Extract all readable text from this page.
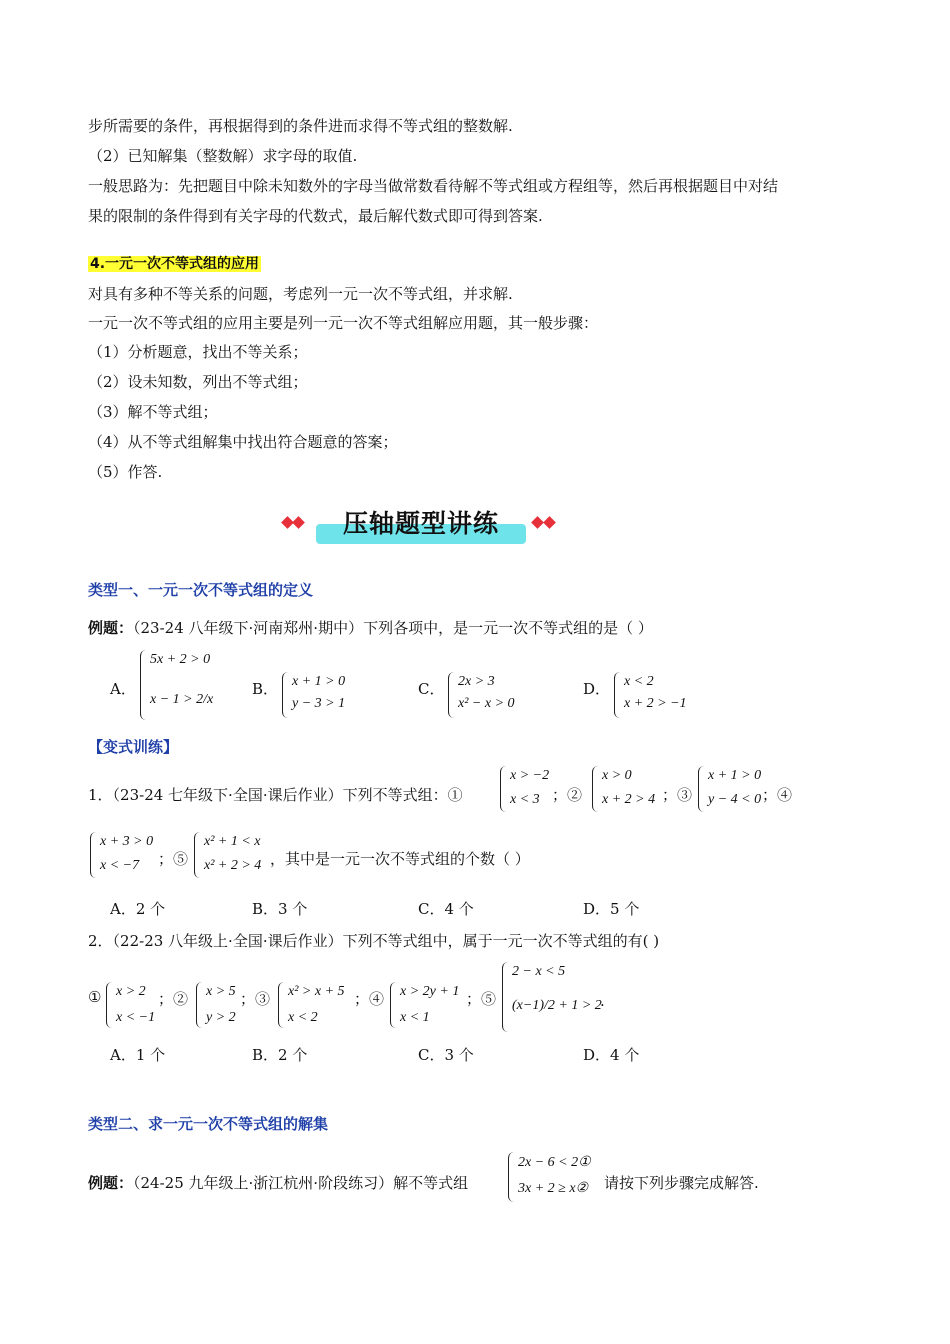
步所需要的条件，再根据得到的条件进而求得不等式组的整数解.
（2）已知解集（整数解）求字母的取值.
一般思路为：先把题目中除未知数外的字母当做常数看待解不等式组或方程组等，然后再根据题目中对结
果的限制的条件得到有关字母的代数式，最后解代数式即可得到答案.
4.一元一次不等式组的应用
对具有多种不等关系的问题，考虑列一元一次不等式组，并求解.
一元一次不等式组的应用主要是列一元一次不等式组解应用题，其一般步骤：
（1）分析题意，找出不等关系；
（2）设未知数，列出不等式组；
（3）解不等式组；
（4）从不等式组解集中找出符合题意的答案；
（5）作答.
压轴题型讲练
类型一、一元一次不等式组的定义
例题：（23-24 八年级下·河南郑州·期中）下列各项中，是一元一次不等式组的是（ ）
A．
5x + 2 > 0
x − 1 > 2/x
B． x + 1 > 0
y − 3 > 1
C． 2x > 3
x² − x > 0
D． x < 2
x + 2 > −1
【变式训练】
1．（23-24 七年级下·全国·课后作业）下列不等式组：①
x > −2
x < 3 ；②
x > 0
x + 2 > 4 ；③
x + 1 > 0
y − 4 < 0 ；④
x + 3 > 0
x < −7 ；⑤
x² + 1 < x
x² + 2 > 4 ，其中是一元一次不等式组的个数（ ）
A．2 个	B．3 个	C．4 个	D．5 个
2．（22-23 八年级上·全国·课后作业）下列不等式组中，属于一元一次不等式组的有( )
① x > 2
x < −1
；② x > 5
y > 2
；③ x² > x + 5
x < 2
；④ x > 2y + 1
x < 1
；⑤
2 − x < 5
(x−1)/2 + 1 > 2
.
A．1 个	B．2 个	C．3 个	D．4 个
类型二、求一元一次不等式组的解集
例题：（24-25 九年级上·浙江杭州·阶段练习）解不等式组
2x − 6 < 2①
3x + 2 ≥ x② 请按下列步骤完成解答.
